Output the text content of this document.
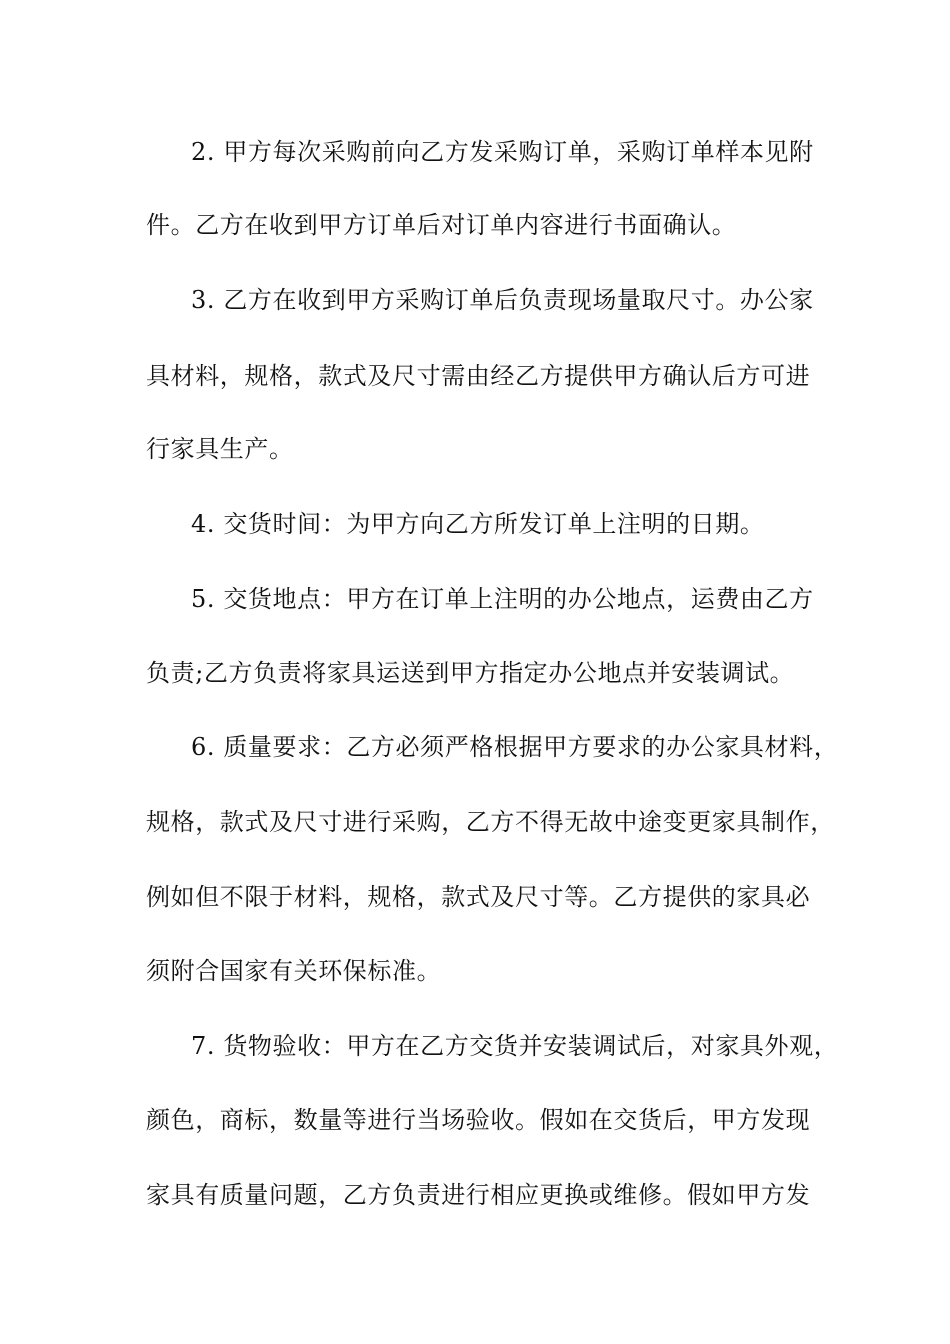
2. 甲方每次采购前向乙方发采购订单，采购订单样本见附
件。乙方在收到甲方订单后对订单内容进行书面确认。
3. 乙方在收到甲方采购订单后负责现场量取尺寸。办公家
具材料，规格，款式及尺寸需由经乙方提供甲方确认后方可进
行家具生产。
4. 交货时间：为甲方向乙方所发订单上注明的日期。
5. 交货地点：甲方在订单上注明的办公地点，运费由乙方
负责;乙方负责将家具运送到甲方指定办公地点并安装调试。
6. 质量要求：乙方必须严格根据甲方要求的办公家具材料，
规格，款式及尺寸进行采购，乙方不得无故中途变更家具制作，
例如但不限于材料，规格，款式及尺寸等。乙方提供的家具必
须附合国家有关环保标准。
7. 货物验收：甲方在乙方交货并安装调试后，对家具外观，
颜色，商标，数量等进行当场验收。假如在交货后，甲方发现
家具有质量问题，乙方负责进行相应更换或维修。假如甲方发
